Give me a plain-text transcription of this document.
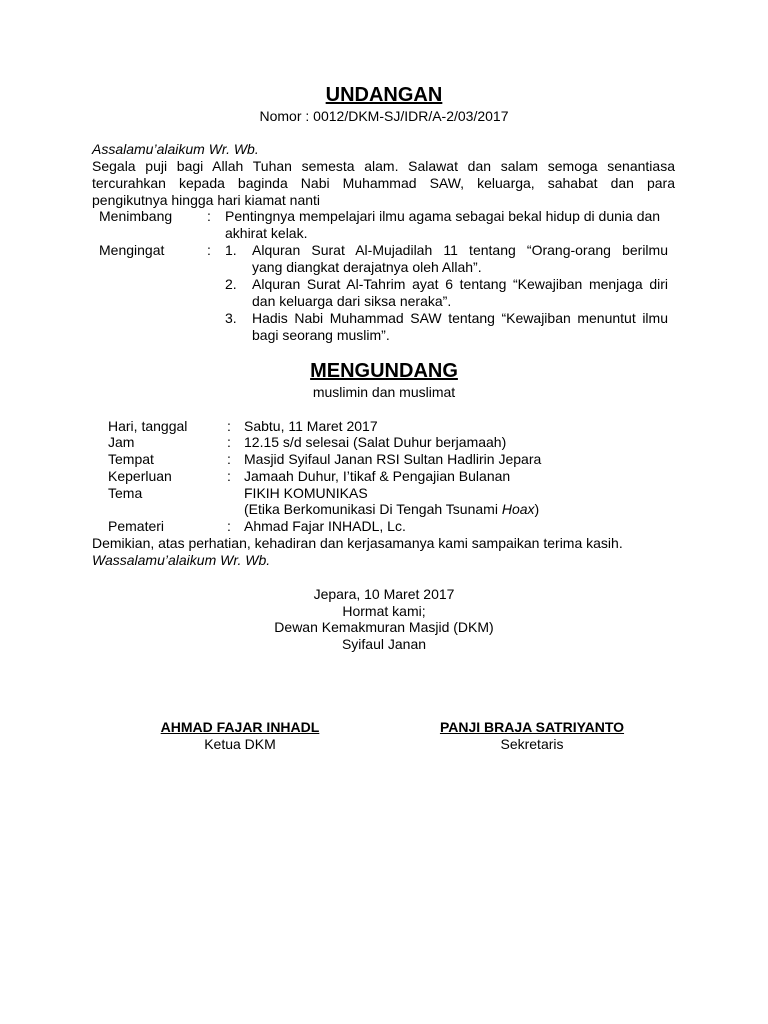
UNDANGAN
Nomor : 0012/DKM-SJ/IDR/A-2/03/2017
Assalamu’alaikum Wr. Wb.
Segala puji bagi Allah Tuhan semesta alam. Salawat dan salam semoga senantiasa
tercurahkan kepada baginda Nabi Muhammad SAW, keluarga, sahabat dan para
pengikutnya hingga hari kiamat nanti
Menimbang : Pentingnya mempelajari ilmu agama sebagai bekal hidup di dunia dan
akhirat kelak.
Mengingat	: 1. Alquran Surat Al-Mujadilah 11 tentang “Orang-orang berilmu
yang diangkat derajatnya oleh Allah”.
2. Alquran Surat Al-Tahrim ayat 6 tentang “Kewajiban menjaga diri
dan keluarga dari siksa neraka”.
3. Hadis Nabi Muhammad SAW tentang “Kewajiban menuntut ilmu
bagi seorang muslim”.
MENGUNDANG
muslimin dan muslimat
Hari, tanggal	: Sabtu, 11 Maret 2017
Jam	: 12.15 s/d selesai (Salat Duhur berjamaah)
Tempat	: Masjid Syifaul Janan RSI Sultan Hadlirin Jepara
Keperluan	: Jamaah Duhur, I’tikaf & Pengajian Bulanan
Tema	FIKIH KOMUNIKAS
(Etika Berkomunikasi Di Tengah Tsunami Hoax)
Pemateri	: Ahmad Fajar INHADL, Lc.
Demikian, atas perhatian, kehadiran dan kerjasamanya kami sampaikan terima kasih.
Wassalamu’alaikum Wr. Wb.
Jepara, 10 Maret 2017
Hormat kami;
Dewan Kemakmuran Masjid (DKM)
Syifaul Janan
AHMAD FAJAR INHADL
Ketua DKM
PANJI BRAJA SATRIYANTO
Sekretaris
